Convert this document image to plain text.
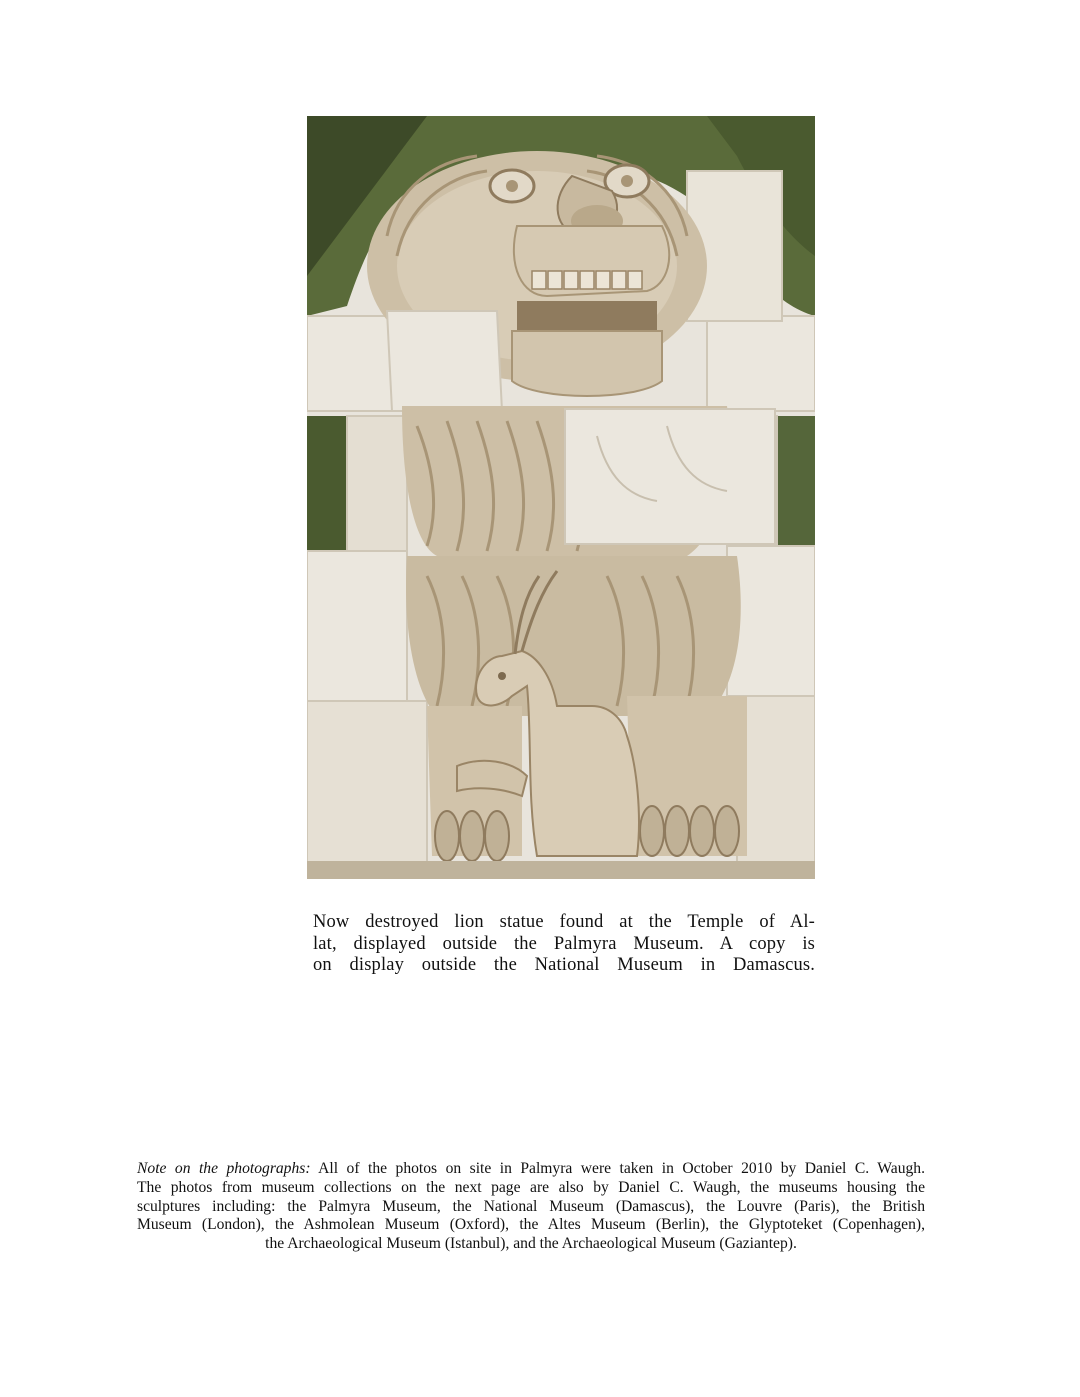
Now destroyed lion statue found at the Temple of Al-
lat, displayed outside the Palmyra Museum. A copy is
on display outside the National Museum in Damascus.
Note on the photographs: All of the photos on site in Palmyra were taken in October 2010 by Daniel C. Waugh.
The photos from museum collections on the next page are also by Daniel C. Waugh, the museums housing the
sculptures including: the Palmyra Museum, the National Museum (Damascus), the Louvre (Paris), the British
Museum (London), the Ashmolean Museum (Oxford), the Altes Museum (Berlin), the Glyptoteket (Copenhagen),
the Archaeological Museum (Istanbul), and the Archaeological Museum (Gaziantep).
